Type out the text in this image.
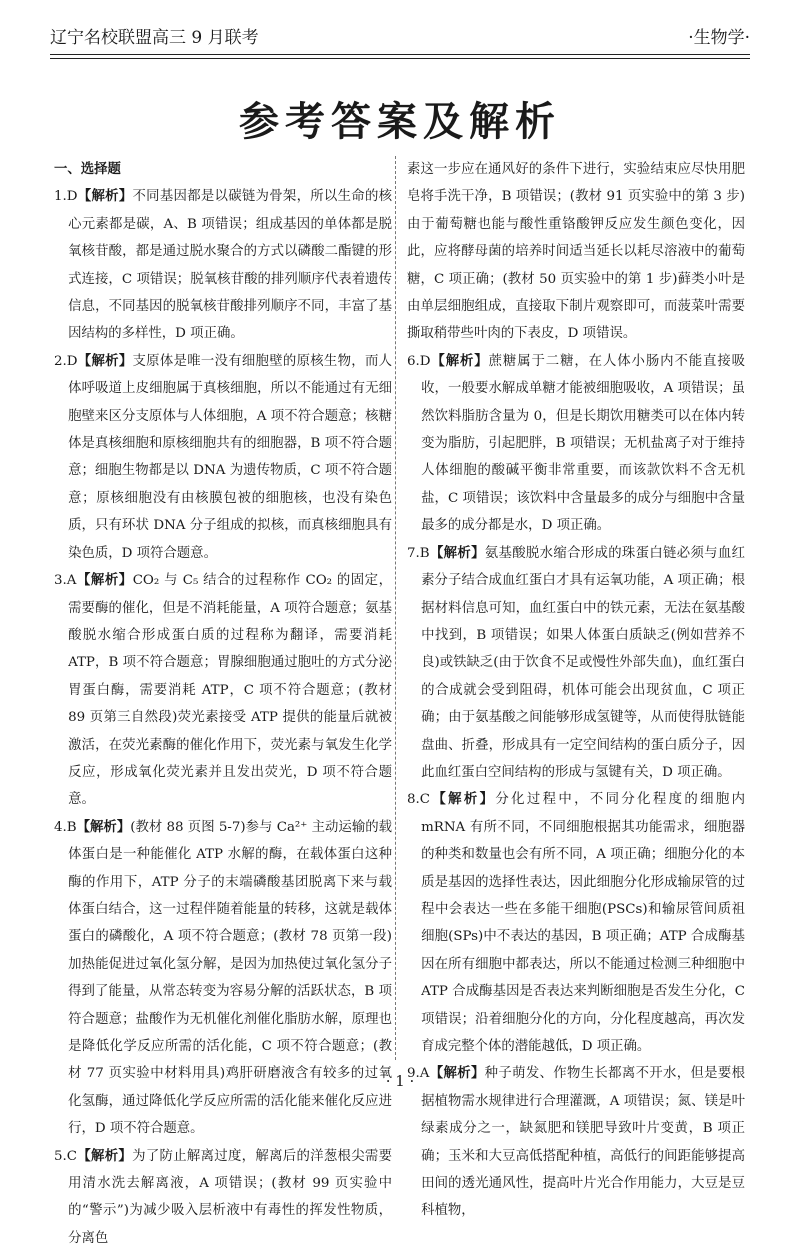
辽宁名校联盟高三 9 月联考	·生物学·
参考答案及解析
一、选择题
1.D【解析】不同基因都是以碳链为骨架，所以生命的核心元素都是碳，A、B 项错误；组成基因的单体都是脱氧核苷酸，都是通过脱水聚合的方式以磷酸二酯键的形式连接，C 项错误；脱氧核苷酸的排列顺序代表着遗传信息，不同基因的脱氧核苷酸排列顺序不同，丰富了基因结构的多样性，D 项正确。
2.D【解析】支原体是唯一没有细胞壁的原核生物，而人体呼吸道上皮细胞属于真核细胞，所以不能通过有无细胞壁来区分支原体与人体细胞，A 项不符合题意；核糖体是真核细胞和原核细胞共有的细胞器，B 项不符合题意；细胞生物都是以 DNA 为遗传物质，C 项不符合题意；原核细胞没有由核膜包被的细胞核，也没有染色质，只有环状 DNA 分子组成的拟核，而真核细胞具有染色质，D 项符合题意。
3.A【解析】CO₂ 与 C₅ 结合的过程称作 CO₂ 的固定，需要酶的催化，但是不消耗能量，A 项符合题意；氨基酸脱水缩合形成蛋白质的过程称为翻译，需要消耗 ATP，B 项不符合题意；胃腺细胞通过胞吐的方式分泌胃蛋白酶，需要消耗 ATP，C 项不符合题意；(教材 89 页第三自然段)荧光素接受 ATP 提供的能量后就被激活，在荧光素酶的催化作用下，荧光素与氧发生化学反应，形成氧化荧光素并且发出荧光，D 项不符合题意。
4.B【解析】(教材 88 页图 5-7)参与 Ca²⁺ 主动运输的载体蛋白是一种能催化 ATP 水解的酶，在载体蛋白这种酶的作用下，ATP 分子的末端磷酸基团脱离下来与载体蛋白结合，这一过程伴随着能量的转移，这就是载体蛋白的磷酸化，A 项不符合题意；(教材 78 页第一段)加热能促进过氧化氢分解，是因为加热使过氧化氢分子得到了能量，从常态转变为容易分解的活跃状态，B 项符合题意；盐酸作为无机催化剂催化脂肪水解，原理也是降低化学反应所需的活化能，C 项不符合题意；(教材 77 页实验中材料用具)鸡肝研磨液含有较多的过氧化氢酶，通过降低化学反应所需的活化能来催化反应进行，D 项不符合题意。
5.C【解析】为了防止解离过度，解离后的洋葱根尖需要用清水洗去解离液，A 项错误；(教材 99 页实验中的“警示”)为减少吸入层析液中有毒性的挥发性物质，分离色
素这一步应在通风好的条件下进行，实验结束应尽快用肥皂将手洗干净，B 项错误；(教材 91 页实验中的第 3 步)由于葡萄糖也能与酸性重铬酸钾反应发生颜色变化，因此，应将酵母菌的培养时间适当延长以耗尽溶液中的葡萄糖，C 项正确；(教材 50 页实验中的第 1 步)藓类小叶是由单层细胞组成，直接取下制片观察即可，而菠菜叶需要撕取稍带些叶肉的下表皮，D 项错误。
6.D【解析】蔗糖属于二糖，在人体小肠内不能直接吸收，一般要水解成单糖才能被细胞吸收，A 项错误；虽然饮料脂肪含量为 0，但是长期饮用糖类可以在体内转变为脂肪，引起肥胖，B 项错误；无机盐离子对于维持人体细胞的酸碱平衡非常重要，而该款饮料不含无机盐，C 项错误；该饮料中含量最多的成分与细胞中含量最多的成分都是水，D 项正确。
7.B【解析】氨基酸脱水缩合形成的珠蛋白链必须与血红素分子结合成血红蛋白才具有运氧功能，A 项正确；根据材料信息可知，血红蛋白中的铁元素，无法在氨基酸中找到，B 项错误；如果人体蛋白质缺乏(例如营养不良)或铁缺乏(由于饮食不足或慢性外部失血)，血红蛋白的合成就会受到阻碍，机体可能会出现贫血，C 项正确；由于氨基酸之间能够形成氢键等，从而使得肽链能盘曲、折叠，形成具有一定空间结构的蛋白质分子，因此血红蛋白空间结构的形成与氢键有关，D 项正确。
8.C【解析】分化过程中，不同分化程度的细胞内 mRNA 有所不同，不同细胞根据其功能需求，细胞器的种类和数量也会有所不同，A 项正确；细胞分化的本质是基因的选择性表达，因此细胞分化形成输尿管的过程中会表达一些在多能干细胞(PSCs)和输尿管间质祖细胞(SPs)中不表达的基因，B 项正确；ATP 合成酶基因在所有细胞中都表达，所以不能通过检测三种细胞中 ATP 合成酶基因是否表达来判断细胞是否发生分化，C 项错误；沿着细胞分化的方向，分化程度越高，再次发育成完整个体的潜能越低，D 项正确。
9.A【解析】种子萌发、作物生长都离不开水，但是要根据植物需水规律进行合理灌溉，A 项错误；氮、镁是叶绿素成分之一，缺氮肥和镁肥导致叶片变黄，B 项正确；玉米和大豆高低搭配种植，高低行的间距能够提高田间的透光通风性，提高叶片光合作用能力，大豆是豆科植物，
· 1 ·
